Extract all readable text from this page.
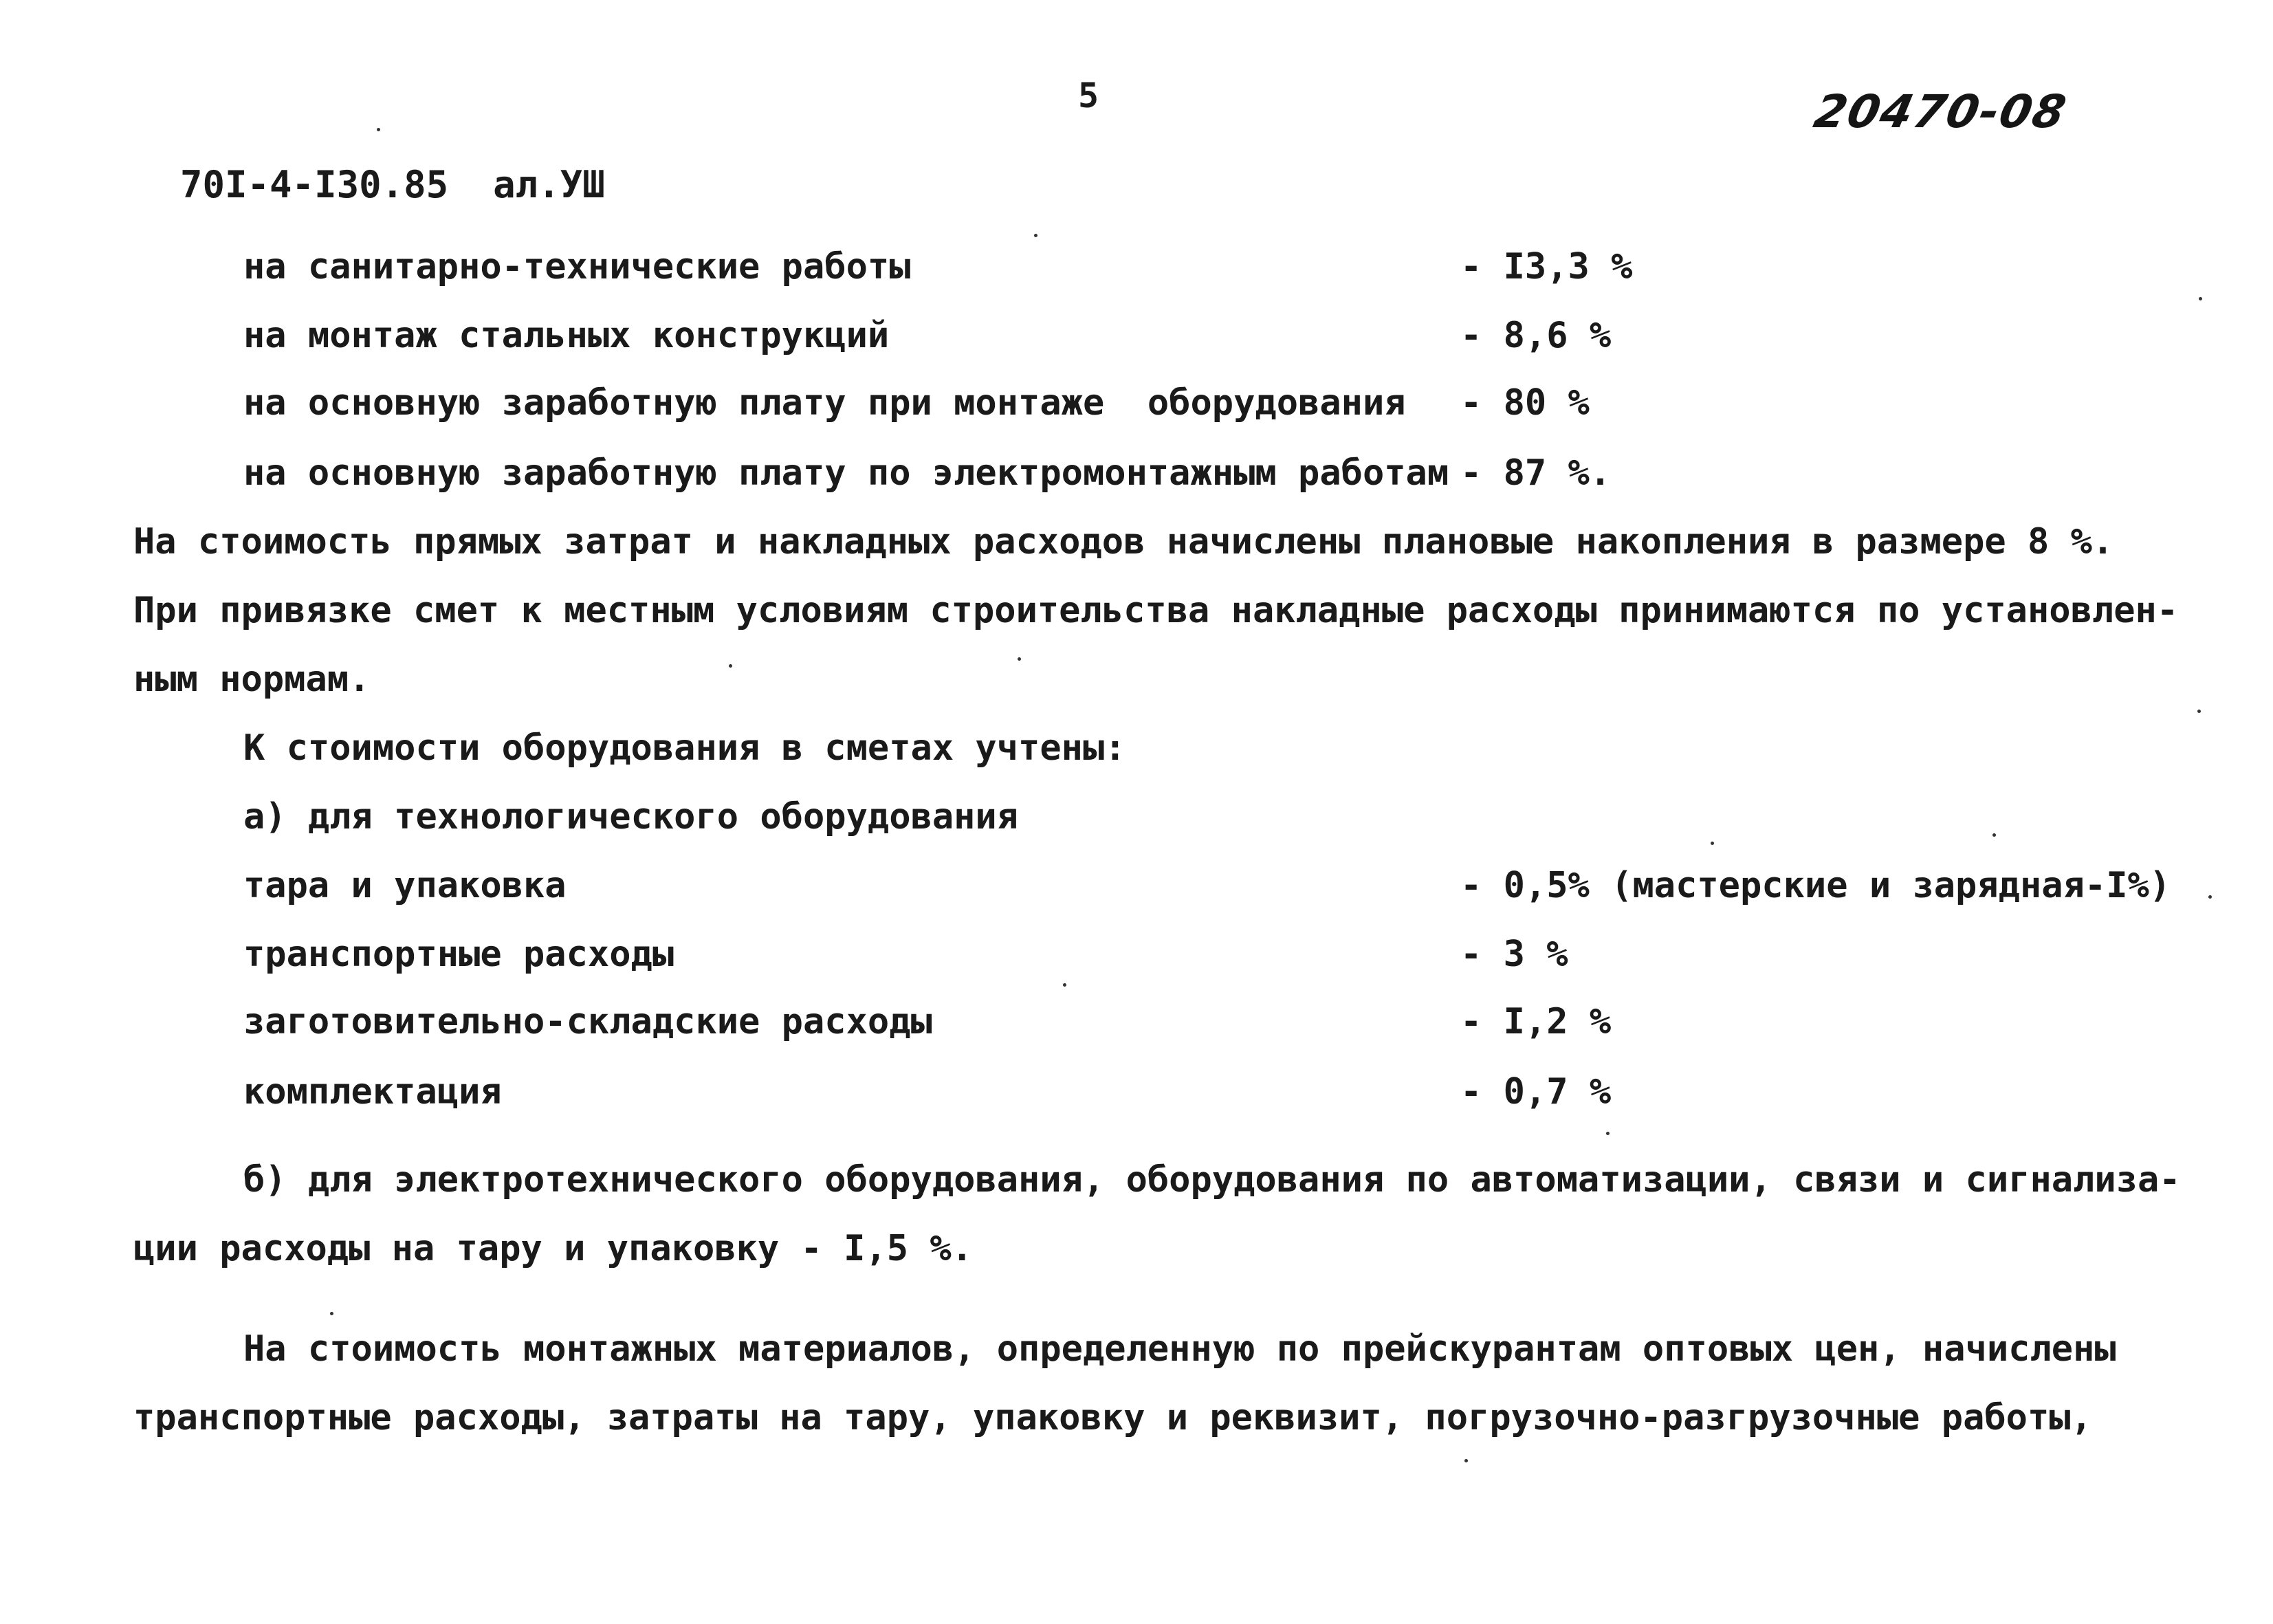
5	20470-08
70I-4-I30.85  ал.УШ
на санитарно-технические работы	- I3,3 %
на монтаж стальных конструкций	- 8,6 %
на основную заработную плату при монтаже  оборудования - 80 %
на основную заработную плату по электромонтажным работам - 87 %.
На стоимость прямых затрат и накладных расходов начислены плановые накопления в размере 8 %.
При привязке смет к местным условиям строительства накладные расходы принимаются по установлен-
ным нормам.
К стоимости оборудования в сметах учтены:
а) для технологического оборудования
тара и упаковка	- 0,5% (мастерские и зарядная-I%)
транспортные расходы	- 3 %
заготовительно-складские расходы	- I,2 %
комплектация	- 0,7 %
б) для электротехнического оборудования, оборудования по автоматизации, связи и сигнализа-
ции расходы на тару и упаковку - I,5 %.
На стоимость монтажных материалов, определенную по прейскурантам оптовых цен, начислены
транспортные расходы, затраты на тару, упаковку и реквизит, погрузочно-разгрузочные работы,
